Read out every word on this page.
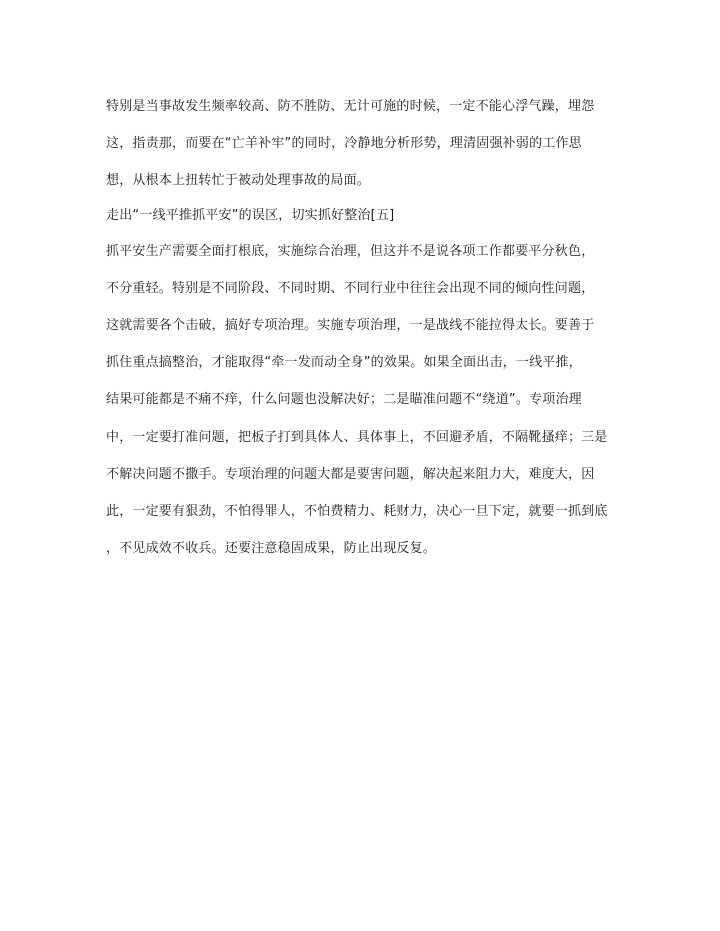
特别是当事故发生频率较高、防不胜防、无计可施的时候，一定不能心浮气躁，埋怨
这，指责那，而要在“亡羊补牢”的同时，冷静地分析形势，理清固强补弱的工作思
想，从根本上扭转忙于被动处理事故的局面。
走出“一线平推抓平安”的误区，切实抓好整治[五]
抓平安生产需要全面打根底，实施综合治理，但这并不是说各项工作都要平分秋色，
不分重轻。特别是不同阶段、不同时期、不同行业中往往会出现不同的倾向性问题，
这就需要各个击破，搞好专项治理。实施专项治理，一是战线不能拉得太长。要善于
抓住重点搞整治，才能取得“牵一发而动全身”的效果。如果全面出击，一线平推，
结果可能都是不痛不痒，什么问题也没解决好；二是瞄准问题不“绕道”。专项治理
中，一定要打准问题，把板子打到具体人、具体事上，不回避矛盾，不隔靴搔痒；三是
不解决问题不撒手。专项治理的问题大都是要害问题，解决起来阻力大，难度大，因
此，一定要有狠劲，不怕得罪人，不怕费精力、耗财力，决心一旦下定，就要一抓到底
，不见成效不收兵。还要注意稳固成果，防止出现反复。
